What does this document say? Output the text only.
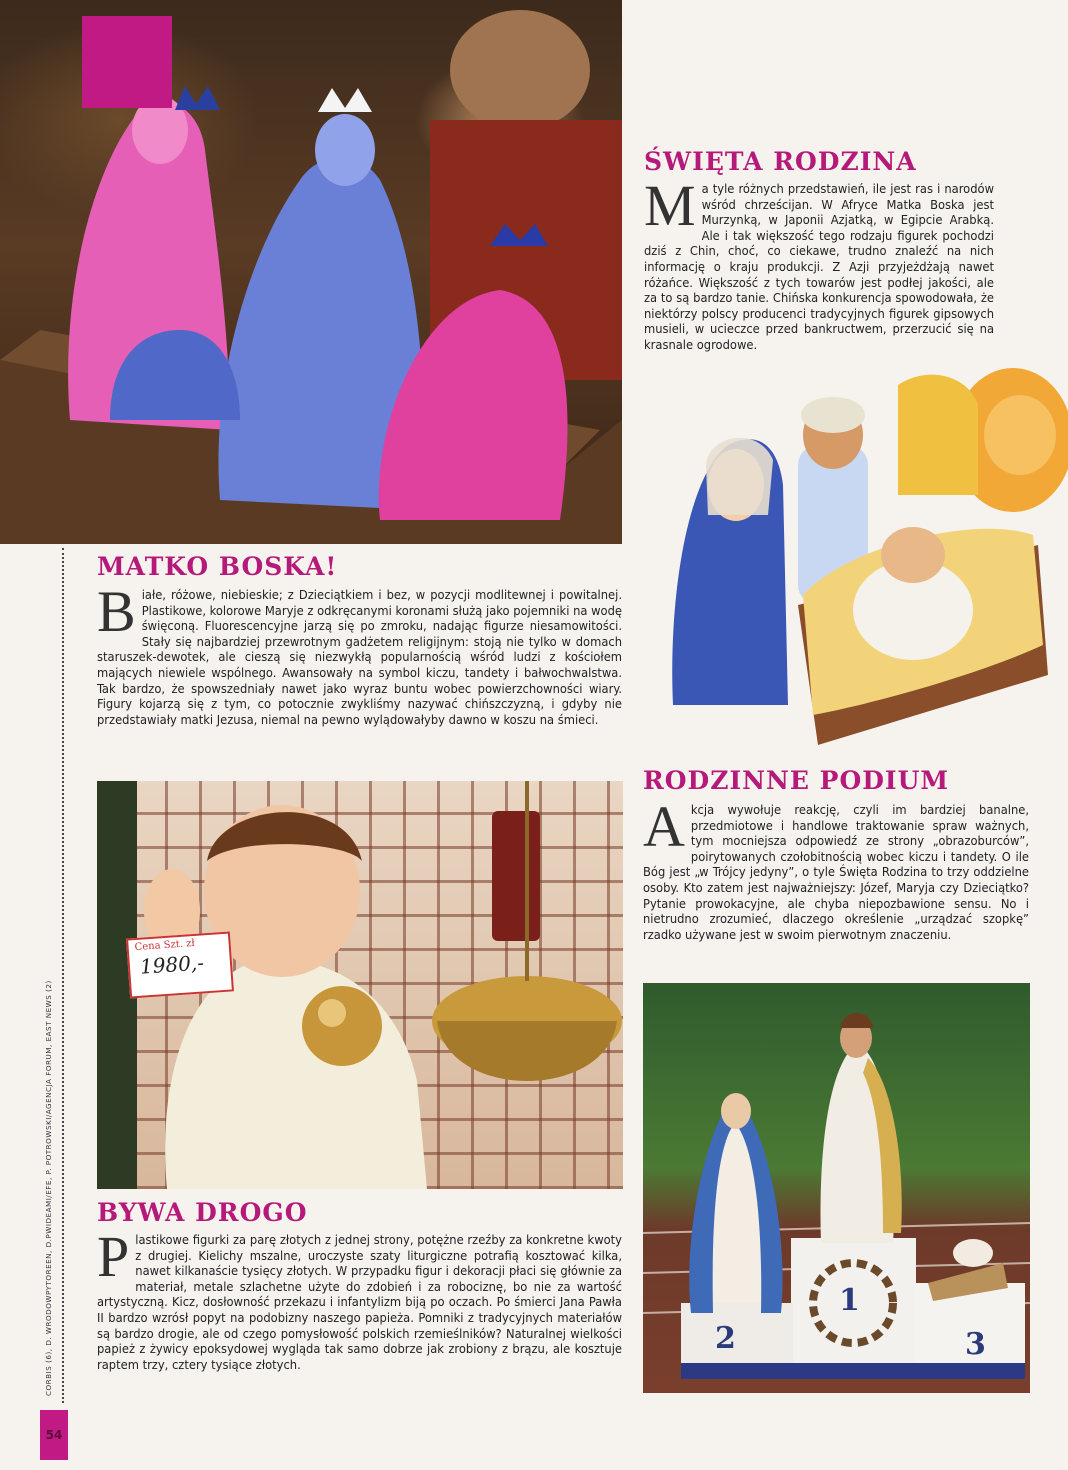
Cena Szt. zł
1980,-
1
2	3
ŚWIĘTA RODZINA
Ma tyle różnych przedstawień, ile jest ras i narodów wśród chrześcijan. W Afryce Matka Boska jest Murzynką, w Japonii Azjatką, w Egipcie Arabką. Ale i tak większość tego rodzaju figurek pochodzi dziś z Chin, choć, co ciekawe, trudno znaleźć na nich informację o kraju produkcji. Z Azji przyjeżdżają nawet różańce. Większość z tych towarów jest podłej jakości, ale za to są bardzo tanie. Chińska konkurencja spowodowała, że niektórzy polscy producenci tradycyjnych figurek gipsowych musieli, w ucieczce przed bankructwem, przerzucić się na krasnale ogrodowe.
MATKO BOSKA!
Białe, różowe, niebieskie; z Dzieciątkiem i bez, w pozycji modlitewnej i powitalnej. Plastikowe, kolorowe Maryje z odkręcanymi koronami służą jako pojemniki na wodę święconą. Fluorescencyjne jarzą się po zmroku, nadając figurze niesamowitości. Stały się najbardziej przewrotnym gadżetem religijnym: stoją nie tylko w domach staruszek-dewotek, ale cieszą się niezwykłą popularnością wśród ludzi z kościołem mających niewiele wspólnego. Awansowały na symbol kiczu, tandety i bałwochwalstwa. Tak bardzo, że spowszedniały nawet jako wyraz buntu wobec powierzchowności wiary. Figury kojarzą się z tym, co potocznie zwykliśmy nazywać chińszczyzną, i gdyby nie przedstawiały matki Jezusa, niemal na pewno wylądowałyby dawno w koszu na śmieci.
RODZINNE PODIUM
Akcja wywołuje reakcję, czyli im bardziej banalne, przedmiotowe i handlowe traktowanie spraw ważnych, tym mocniejsza odpowiedź ze strony „obrazoburców”, poirytowanych czołobitnością wobec kiczu i tandety. O ile Bóg jest „w Trójcy jedyny”, o tyle Święta Rodzina to trzy oddzielne osoby. Kto zatem jest najważniejszy: Józef, Maryja czy Dzieciątko? Pytanie prowokacyjne, ale chyba niepozbawione sensu. No i nietrudno zrozumieć, dlaczego określenie „urządzać szopkę” rzadko używane jest w swoim pierwotnym znaczeniu.
BYWA DROGO
Plastikowe figurki za parę złotych z jednej strony, potężne rzeźby za konkretne kwoty z drugiej. Kielichy mszalne, uroczyste szaty liturgiczne potrafią kosztować kilka, nawet kilkanaście tysięcy złotych. W przypadku figur i dekoracji płaci się głównie za materiał, metale szlachetne użyte do zdobień i za robociznę, bo nie za wartość artystyczną. Kicz, dosłowność przekazu i infantylizm biją po oczach. Po śmierci Jana Pawła II bardzo wzrósł popyt na podobizny naszego papieża. Pomniki z tradycyjnych materiałów są bardzo drogie, ale od czego pomysłowość polskich rzemieślników? Naturalnej wielkości papież z żywicy epoksydowej wygląda tak samo dobrze jak zrobiony z brązu, ale kosztuje raptem trzy, cztery tysiące złotych.
CORBIS (6), D. WRODOWPYTOREEN, D.PWIDEAMI/EFE, P. POTROWSKI/AGENCJA FORUM, EAST NEWS (2)
54
